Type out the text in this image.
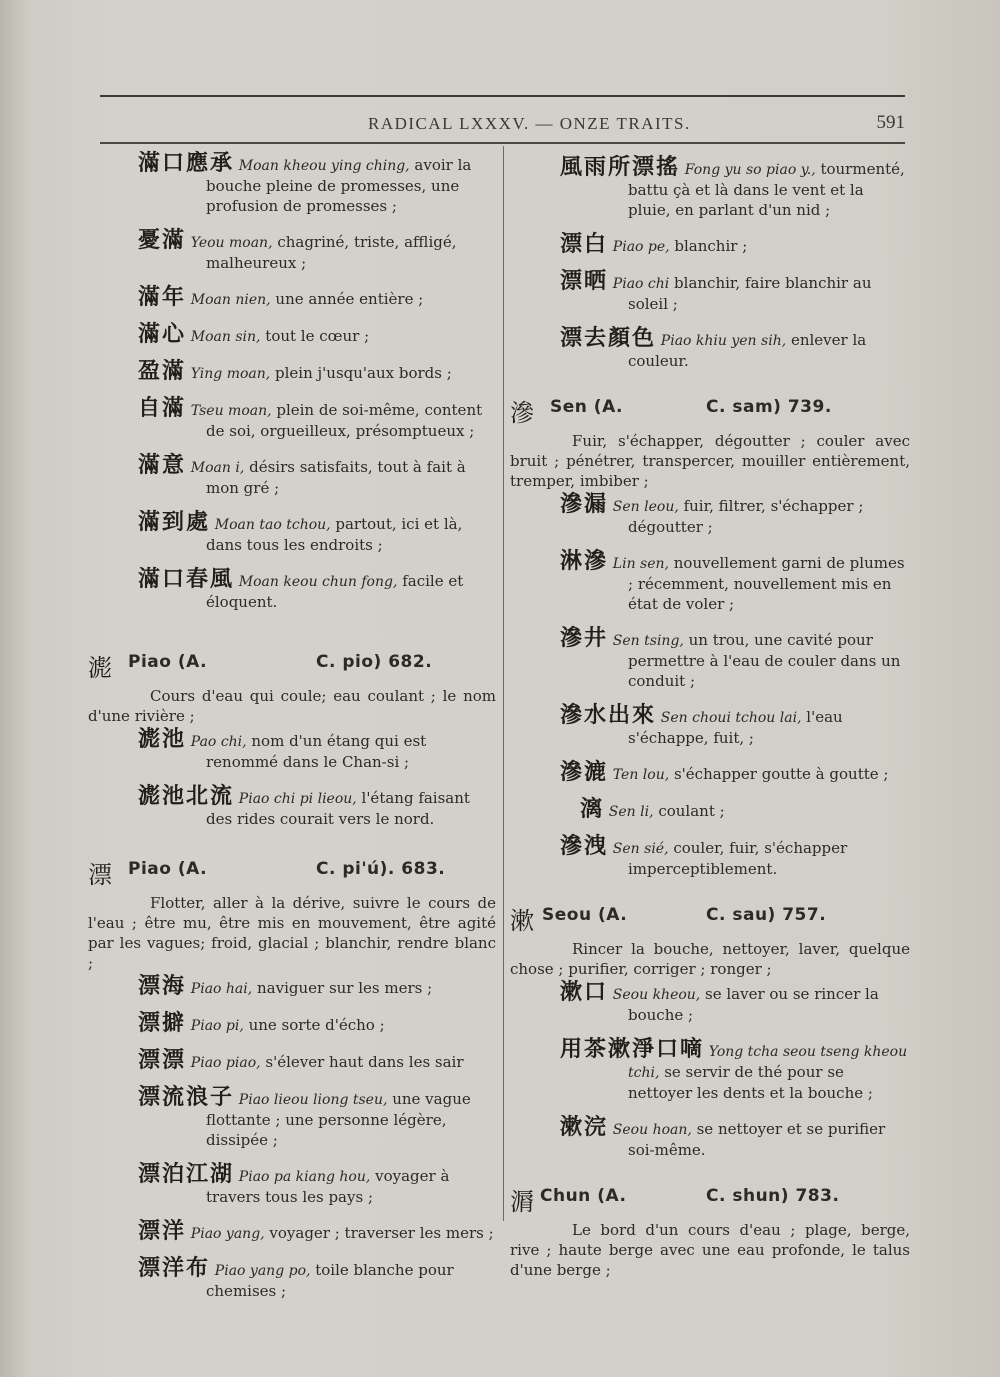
RADICAL LXXXV. — ONZE TRAITS.	591

滿口應承 Moan kheou ying ching, avoir la bouche pleine de promesses, une profusion de promesses ;

憂滿 Yeou moan, chagriné, triste, affligé, malheureux ;

滿年 Moan nien, une année entière ;

滿心 Moan sin, tout le cœur ;

盈滿 Ying moan, plein j'usqu'aux bords ;

自滿 Tseu moan, plein de soi-même, content de soi, orgueilleux, présomptueux ;

滿意 Moan i, désirs satisfaits, tout à fait à mon gré ;

滿到處 Moan tao tchou, partout, ici et là, dans tous les endroits ;

滿口春風 Moan keou chun fong, facile et éloquent.

滮 Piao (A.	C. pio) 682.

Cours d'eau qui coule; eau coulant ; le nom d'une rivière ;

滮池 Pao chi, nom d'un étang qui est renommé dans le Chan-si ;

滮池北流 Piao chi pi lieou, l'étang faisant des rides courait vers le nord.

漂 Piao (A.	C. pi'ú). 683.

Flotter, aller à la dérive, suivre le cours de l'eau ; être mu, être mis en mouvement, être agité par les vagues; froid, glacial ; blanchir, rendre blanc ;

漂海 Piao hai, naviguer sur les mers ;

漂擗 Piao pi, une sorte d'écho ;

漂漂 Piao piao, s'élever haut dans les sair

漂流浪子 Piao lieou liong tseu, une vague flottante ; une personne légère, dissipée ;

漂泊江湖 Piao pa kiang hou, voyager à travers tous les pays ;

漂洋 Piao yang, voyager ; traverser les mers ;

漂洋布 Piao yang po, toile blanche pour chemises ;

風雨所漂搖 Fong yu so piao y., tourmenté, battu çà et là dans le vent et la pluie, en parlant d'un nid ;

漂白 Piao pe, blanchir ;

漂晒 Piao chi blanchir, faire blanchir au soleil ;

漂去顏色 Piao khiu yen sih, enlever la couleur.

滲 Sen (A.	C. sam) 739.

Fuir, s'échapper, dégoutter ; couler avec bruit ; pénétrer, transpercer, mouiller entièrement, tremper, imbiber ;

滲漏 Sen leou, fuir, filtrer, s'échapper ; dégoutter ;

淋滲 Lin sen, nouvellement garni de plumes ; récemment, nouvellement mis en état de voler ;

滲井 Sen tsing, un trou, une cavité pour permettre à l'eau de couler dans un conduit ;

滲水出來 Sen choui tchou lai, l'eau s'échappe, fuit, ;

滲漉 Ten lou, s'échapper goutte à goutte ;

漓 Sen li, coulant ;

滲洩 Sen sié, couler, fuir, s'échapper imperceptiblement.

漱 Seou (A.	C. sau) 757.

Rincer la bouche, nettoyer, laver, quelque chose ; purifier, corriger ; ronger ;

漱口 Seou kheou, se laver ou se rincer la bouche ;

用茶漱淨口嘀 Yong tcha seou tseng kheou tchi, se servir de thé pour se nettoyer les dents et la bouche ;

漱浣 Seou hoan, se nettoyer et se purifier soi-même.

漘 Chun (A.	C. shun) 783.

Le bord d'un cours d'eau ; plage, berge, rive ; haute berge avec une eau profonde, le talus d'une berge ;
